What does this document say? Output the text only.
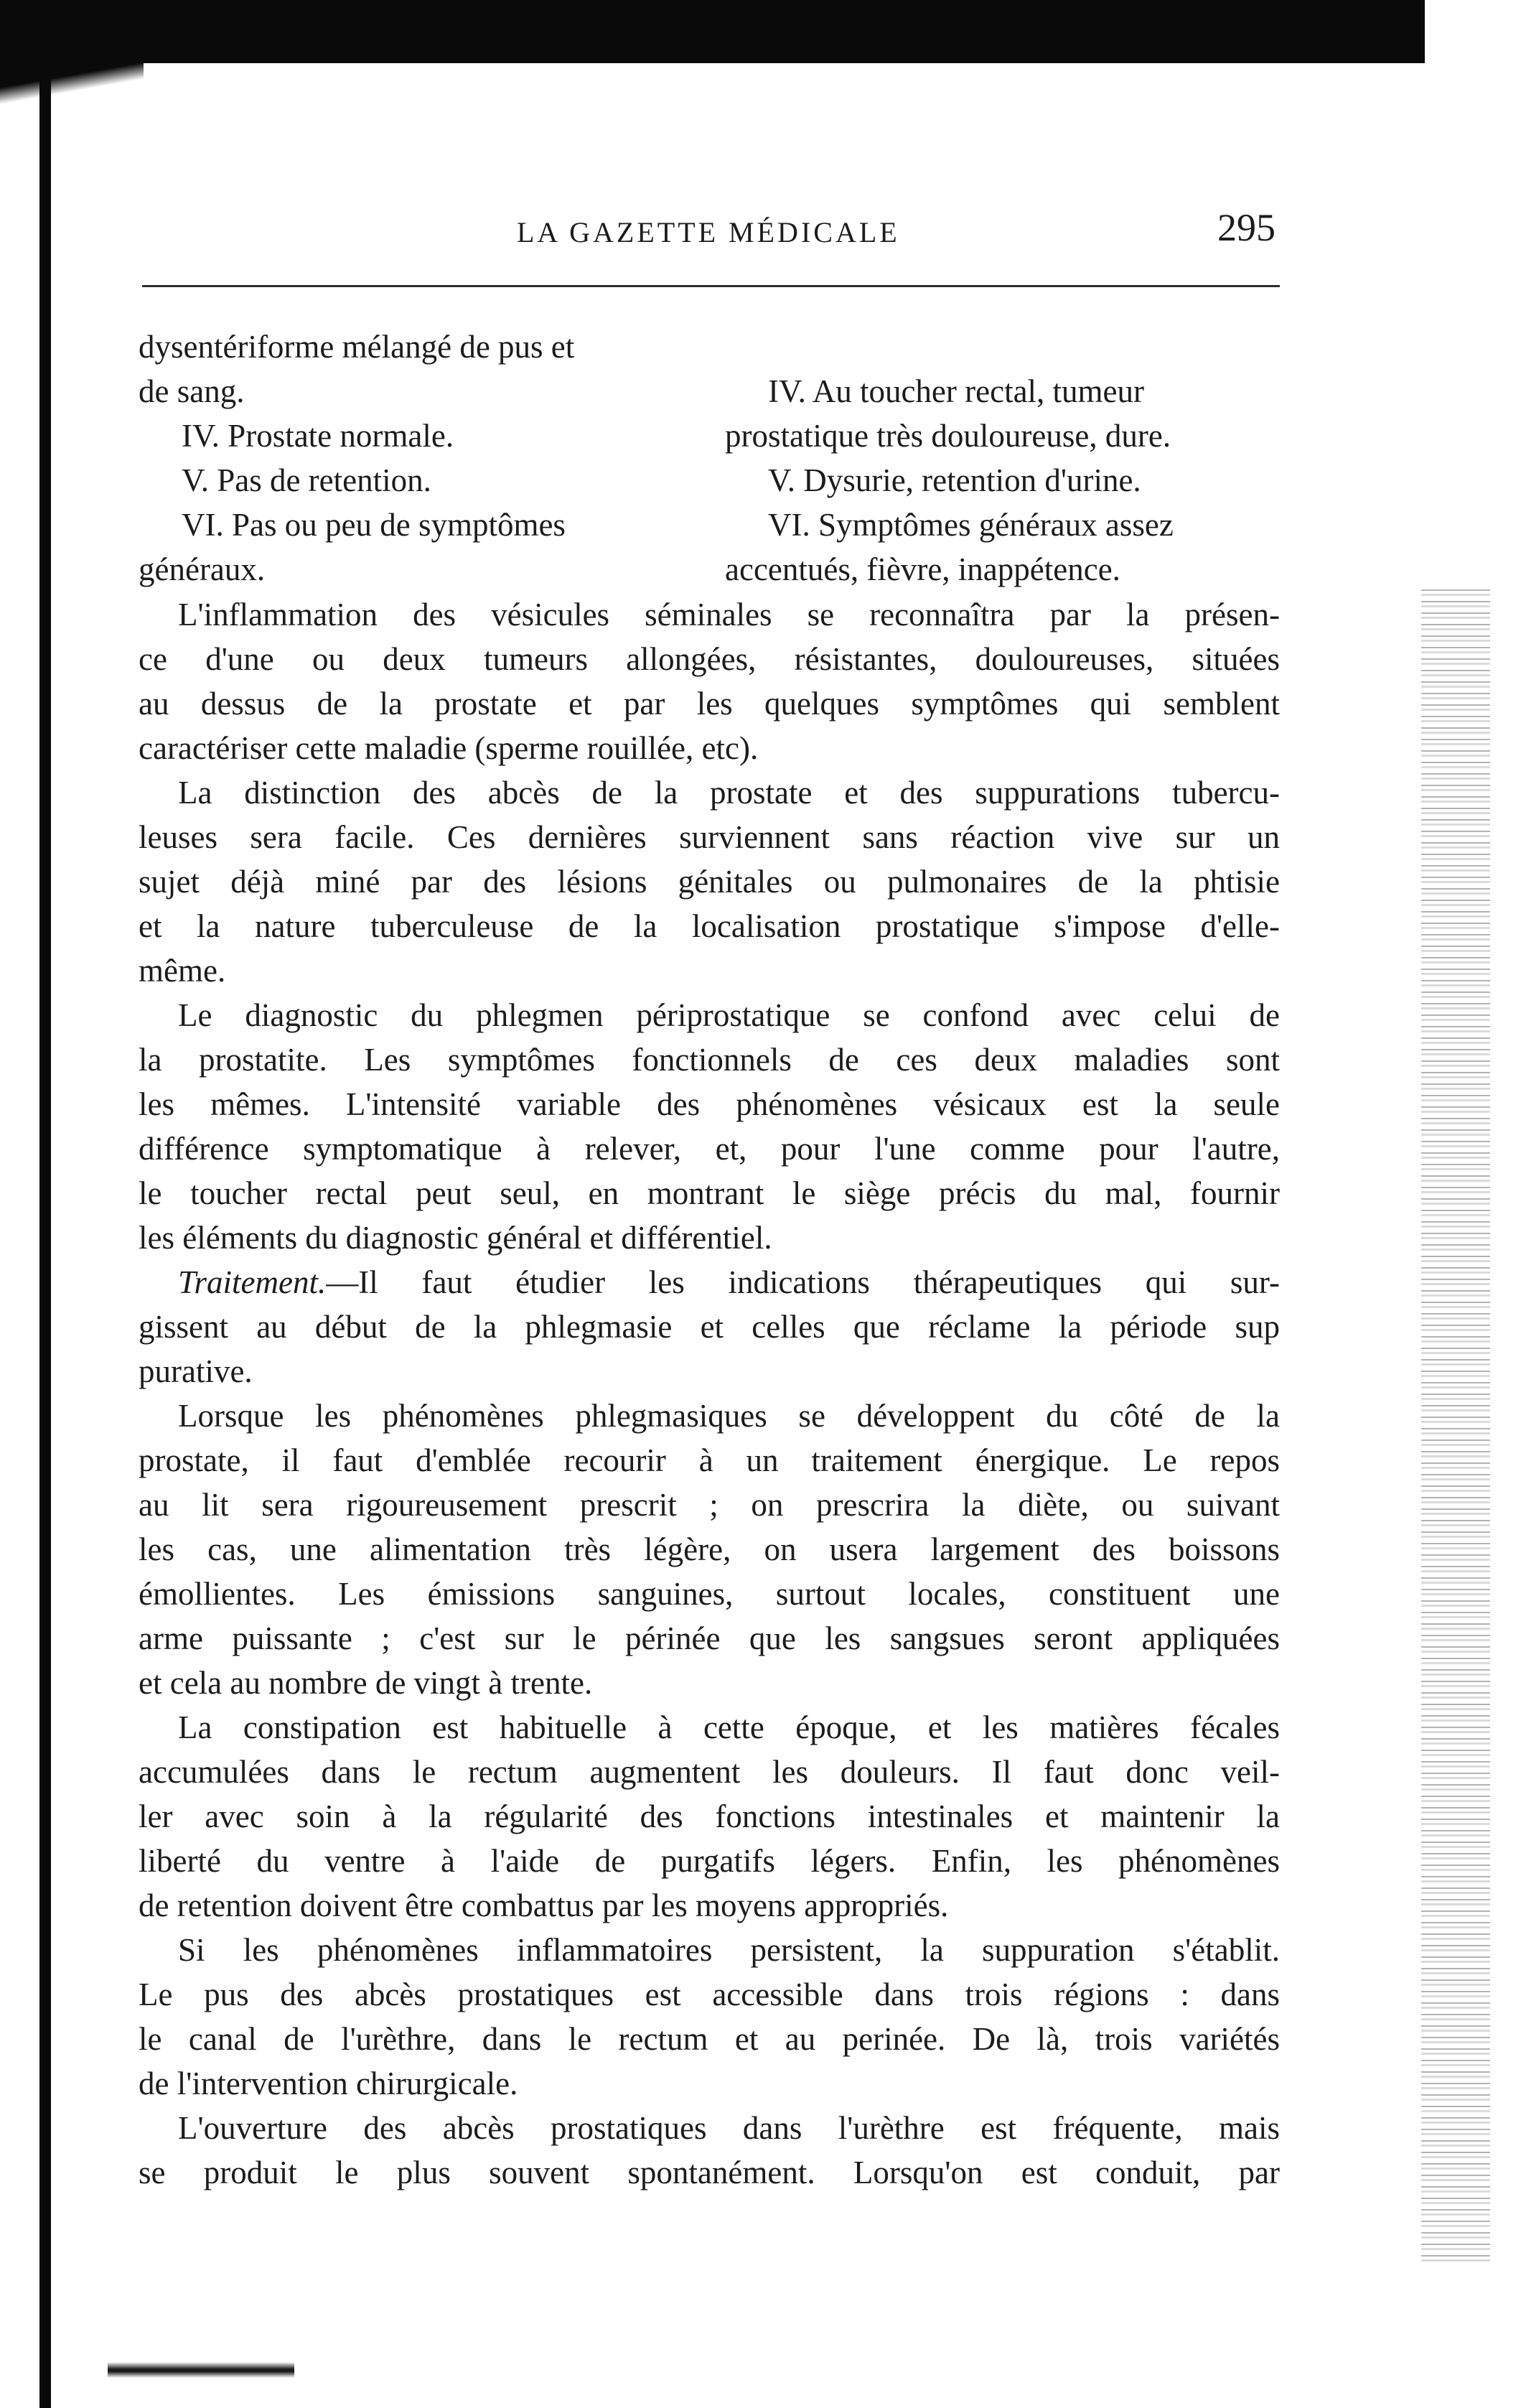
LA GAZETTE MÉDICALE	295
dysentériforme mélangé de pus et
de sang.
IV. Prostate normale.
V. Pas de retention.
VI. Pas ou peu de symptômes
généraux.
IV. Au toucher rectal, tumeur
prostatique très douloureuse, dure.
V. Dysurie, retention d'urine.
VI. Symptômes généraux assez
accentués, fièvre, inappétence.
L'inflammation des vésicules séminales se reconnaîtra par la présen-
ce d'une ou deux tumeurs allongées, résistantes, douloureuses, situées
au dessus de la prostate et par les quelques symptômes qui semblent
caractériser cette maladie (sperme rouillée, etc).
La distinction des abcès de la prostate et des suppurations tubercu-
leuses sera facile. Ces dernières surviennent sans réaction vive sur un
sujet déjà miné par des lésions génitales ou pulmonaires de la phtisie
et la nature tuberculeuse de la localisation prostatique s'impose d'elle-
même.
Le diagnostic du phlegmen périprostatique se confond avec celui de
la prostatite. Les symptômes fonctionnels de ces deux maladies sont
les mêmes. L'intensité variable des phénomènes vésicaux est la seule
différence symptomatique à relever, et, pour l'une comme pour l'autre,
le toucher rectal peut seul, en montrant le siège précis du mal, fournir
les éléments du diagnostic général et différentiel.
Traitement.—Il faut étudier les indications thérapeutiques qui sur-
gissent au début de la phlegmasie et celles que réclame la période sup
purative.
Lorsque les phénomènes phlegmasiques se développent du côté de la
prostate, il faut d'emblée recourir à un traitement énergique. Le repos
au lit sera rigoureusement prescrit ; on prescrira la diète, ou suivant
les cas, une alimentation très légère, on usera largement des boissons
émollientes. Les émissions sanguines, surtout locales, constituent une
arme puissante ; c'est sur le périnée que les sangsues seront appliquées
et cela au nombre de vingt à trente.
La constipation est habituelle à cette époque, et les matières fécales
accumulées dans le rectum augmentent les douleurs. Il faut donc veil-
ler avec soin à la régularité des fonctions intestinales et maintenir la
liberté du ventre à l'aide de purgatifs légers. Enfin, les phénomènes
de retention doivent être combattus par les moyens appropriés.
Si les phénomènes inflammatoires persistent, la suppuration s'établit.
Le pus des abcès prostatiques est accessible dans trois régions : dans
le canal de l'urèthre, dans le rectum et au perinée. De là, trois variétés
de l'intervention chirurgicale.
L'ouverture des abcès prostatiques dans l'urèthre est fréquente, mais
se produit le plus souvent spontanément. Lorsqu'on est conduit, par
